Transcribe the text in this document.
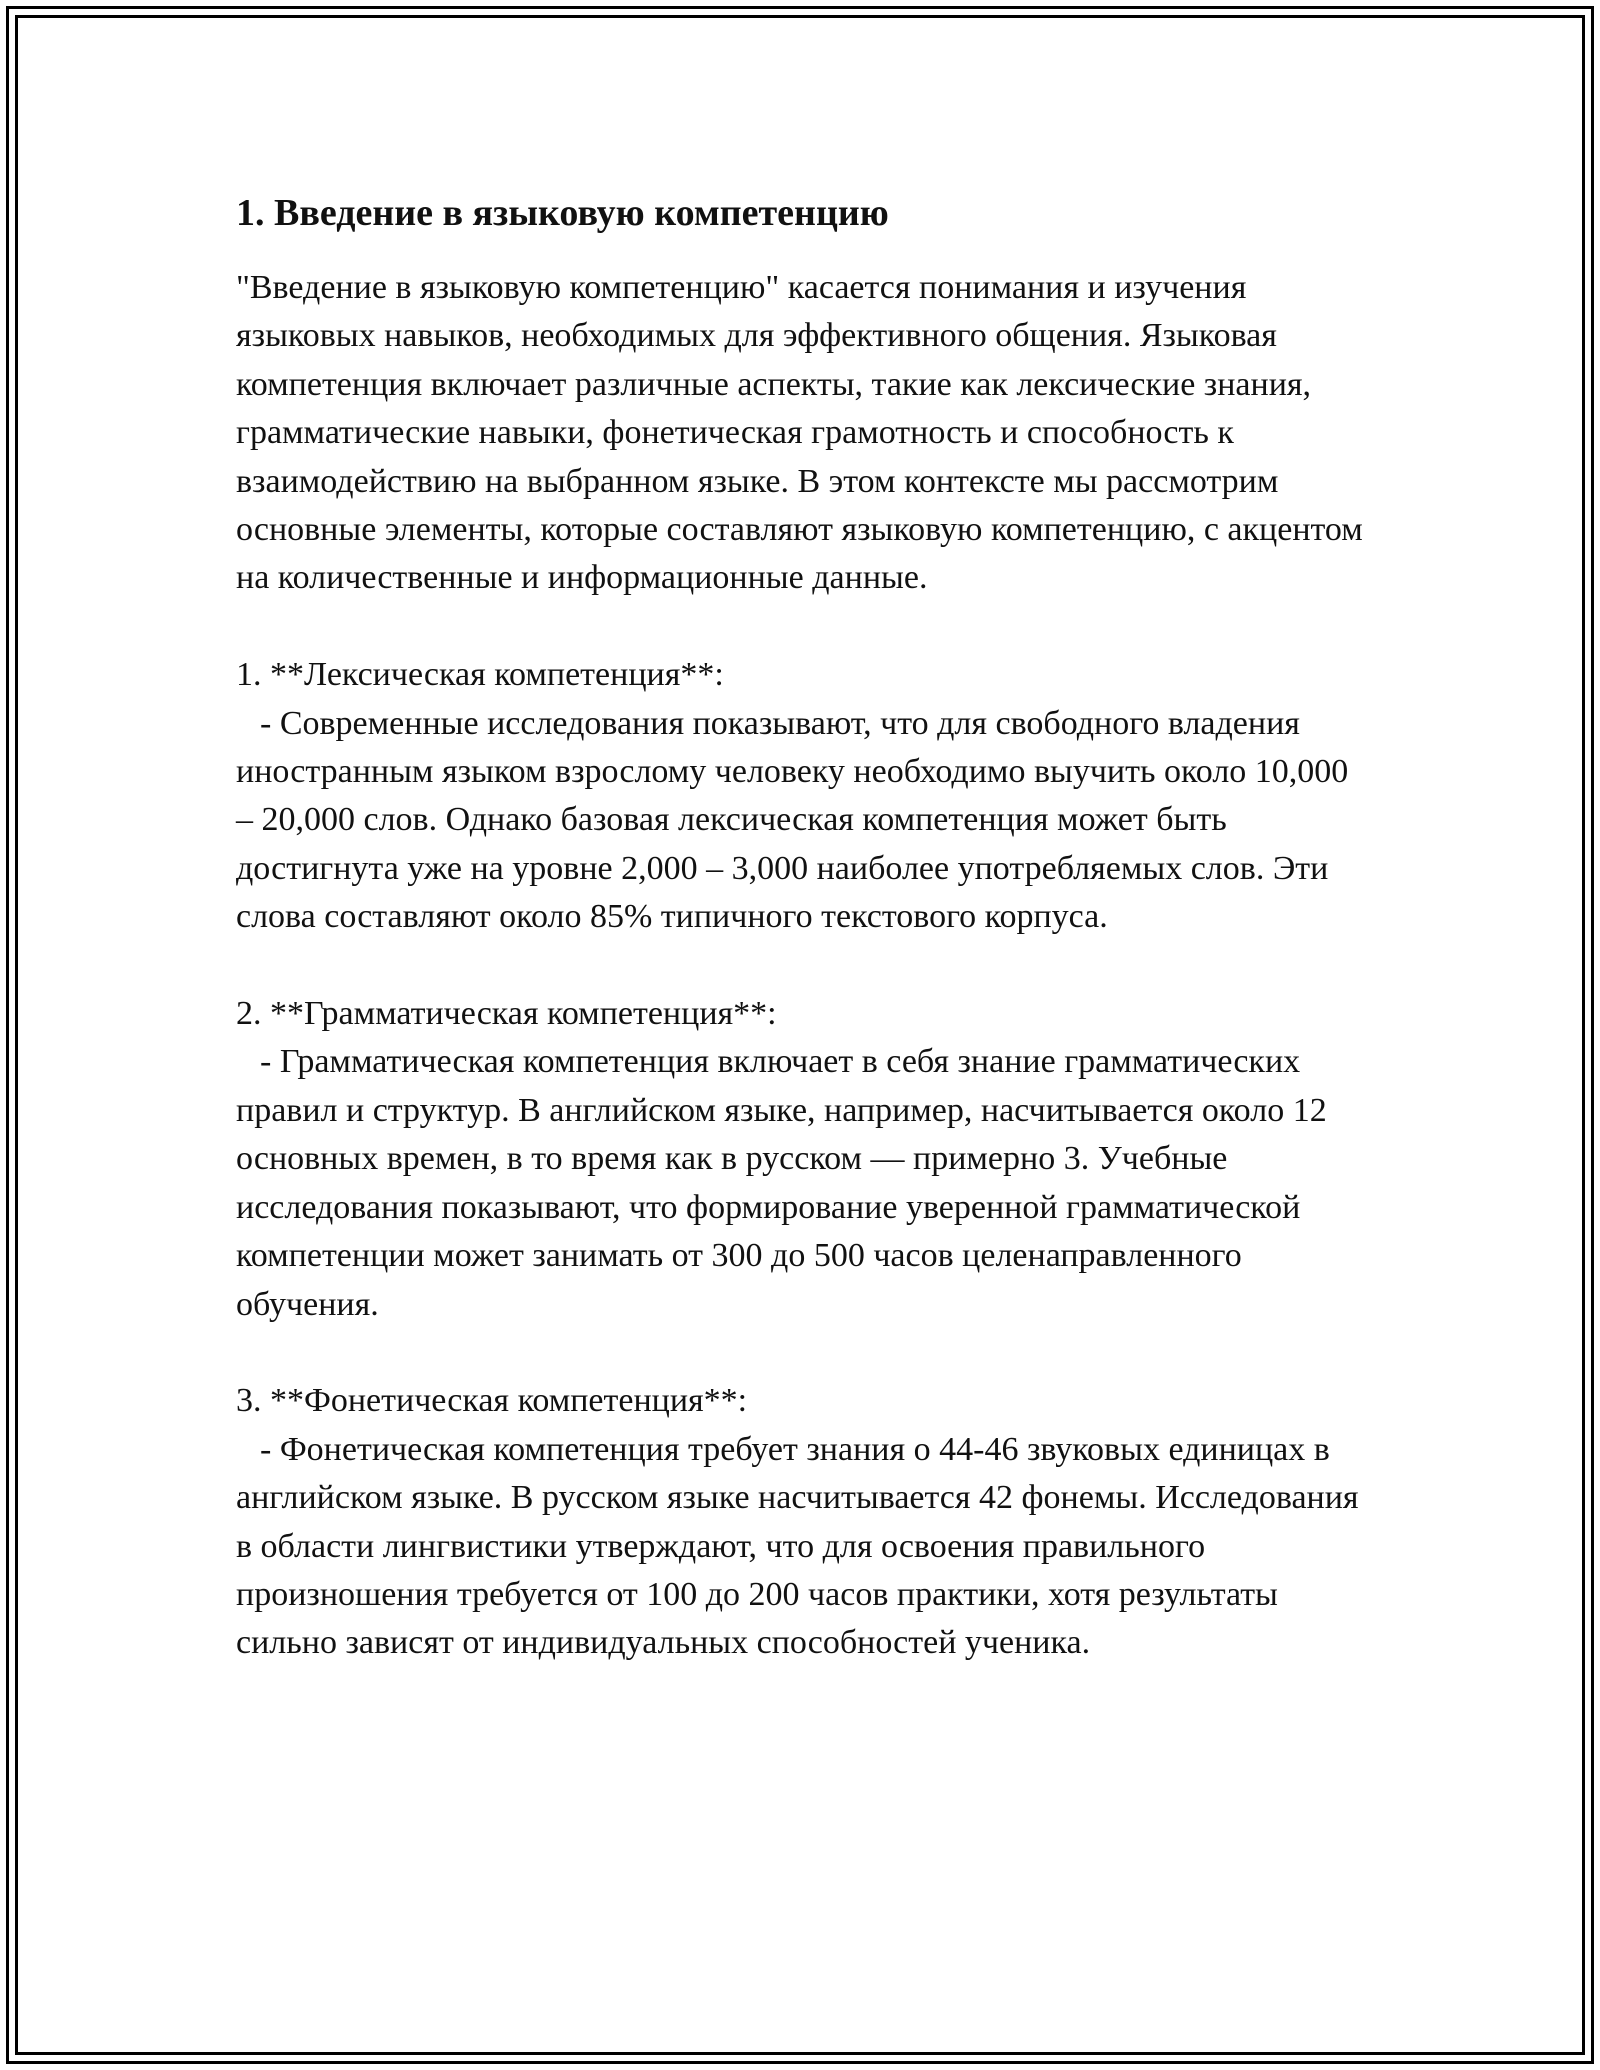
1. Введение в языковую компетенцию

"Введение в языковую компетенцию" касается понимания и изучения языковых навыков, необходимых для эффективного общения. Языковая компетенция включает различные аспекты, такие как лексические знания, грамматические навыки, фонетическая грамотность и способность к взаимодействию на выбранном языке. В этом контексте мы рассмотрим основные элементы, которые составляют языковую компетенцию, с акцентом на количественные и информационные данные.

1. **Лексическая компетенция**:

- Современные исследования показывают, что для свободного владения иностранным языком взрослому человеку необходимо выучить около 10,000 – 20,000 слов. Однако базовая лексическая компетенция может быть достигнута уже на уровне 2,000 – 3,000 наиболее употребляемых слов. Эти слова составляют около 85% типичного текстового корпуса.

2. **Грамматическая компетенция**:

- Грамматическая компетенция включает в себя знание грамматических правил и структур. В английском языке, например, насчитывается около 12 основных времен, в то время как в русском — примерно 3. Учебные исследования показывают, что формирование уверенной грамматической компетенции может занимать от 300 до 500 часов целенаправленного обучения.

3. **Фонетическая компетенция**:

- Фонетическая компетенция требует знания о 44-46 звуковых единицах в английском языке. В русском языке насчитывается 42 фонемы. Исследования в области лингвистики утверждают, что для освоения правильного произношения требуется от 100 до 200 часов практики, хотя результаты сильно зависят от индивидуальных способностей ученика.
